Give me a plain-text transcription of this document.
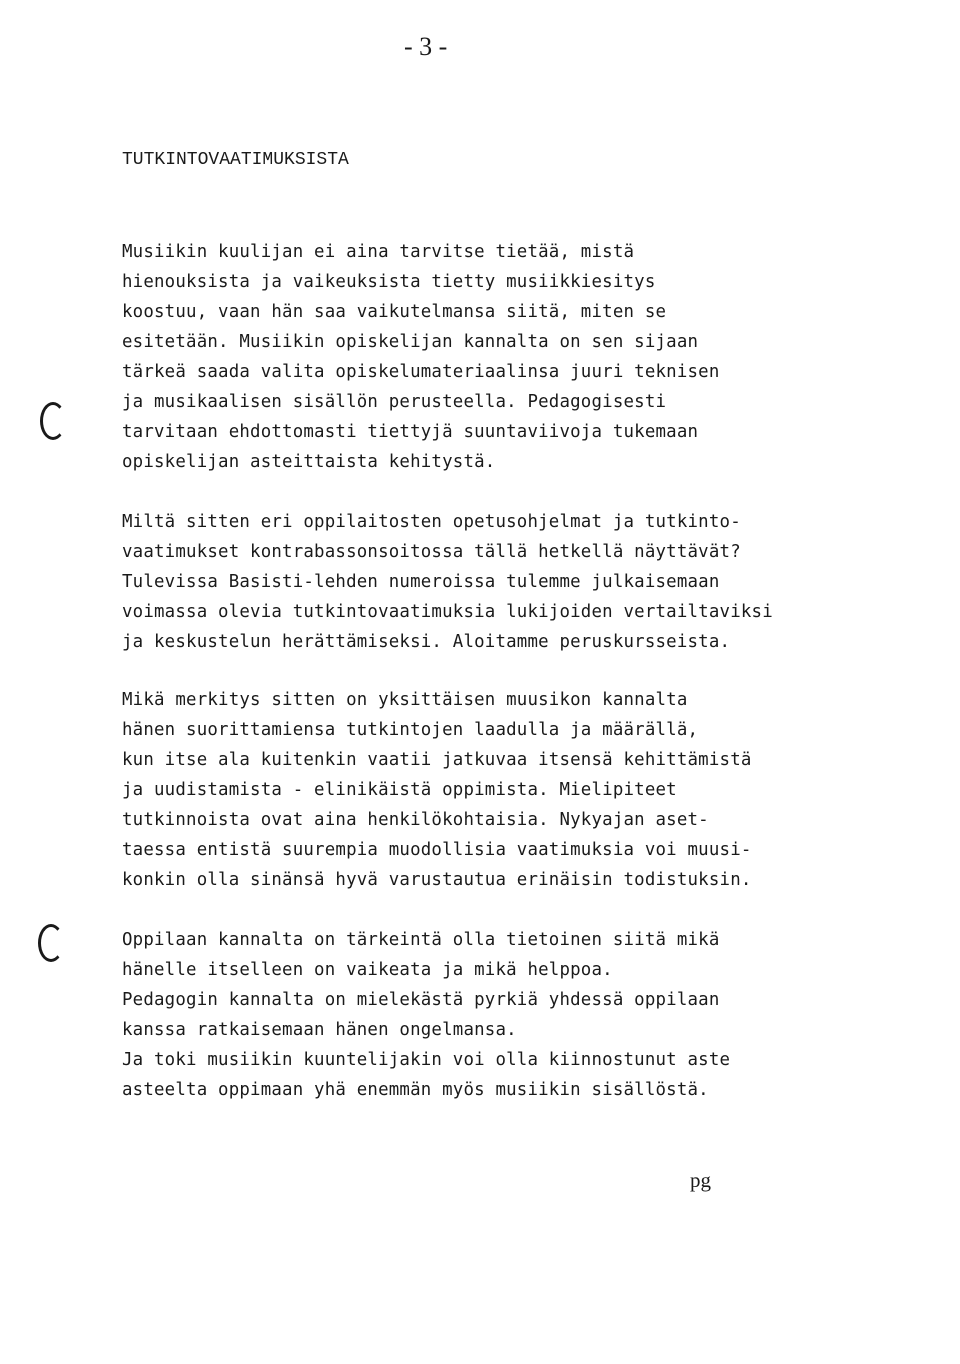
- 3 -
TUTKINTOVAATIMUKSISTA
Musiikin kuulijan ei aina tarvitse tietää, mistä
hienouksista ja vaikeuksista tietty musiikkiesitys
koostuu, vaan hän saa vaikutelmansa siitä, miten se
esitetään. Musiikin opiskelijan kannalta on sen sijaan
tärkeä saada valita opiskelumateriaalinsa juuri teknisen
ja musikaalisen sisällön perusteella. Pedagogisesti
tarvitaan ehdottomasti tiettyjä suuntaviivoja tukemaan
opiskelijan asteittaista kehitystä.
Miltä sitten eri oppilaitosten opetusohjelmat ja tutkinto-
vaatimukset kontrabassonsoitossa tällä hetkellä näyttävät?
Tulevissa Basisti-lehden numeroissa tulemme julkaisemaan
voimassa olevia tutkintovaatimuksia lukijoiden vertailtaviksi
ja keskustelun herättämiseksi. Aloitamme peruskursseista.
Mikä merkitys sitten on yksittäisen muusikon kannalta
hänen suorittamiensa tutkintojen laadulla ja määrällä,
kun itse ala kuitenkin vaatii jatkuvaa itsensä kehittämistä
ja uudistamista - elinikäistä oppimista. Mielipiteet
tutkinnoista ovat aina henkilökohtaisia. Nykyajan aset-
taessa entistä suurempia muodollisia vaatimuksia voi muusi-
konkin olla sinänsä hyvä varustautua erinäisin todistuksin.
Oppilaan kannalta on tärkeintä olla tietoinen siitä mikä
hänelle itselleen on vaikeata ja mikä helppoa.
Pedagogin kannalta on mielekästä pyrkiä yhdessä oppilaan
kanssa ratkaisemaan hänen ongelmansa.
Ja toki musiikin kuuntelijakin voi olla kiinnostunut aste
asteelta oppimaan yhä enemmän myös musiikin sisällöstä.
pg
